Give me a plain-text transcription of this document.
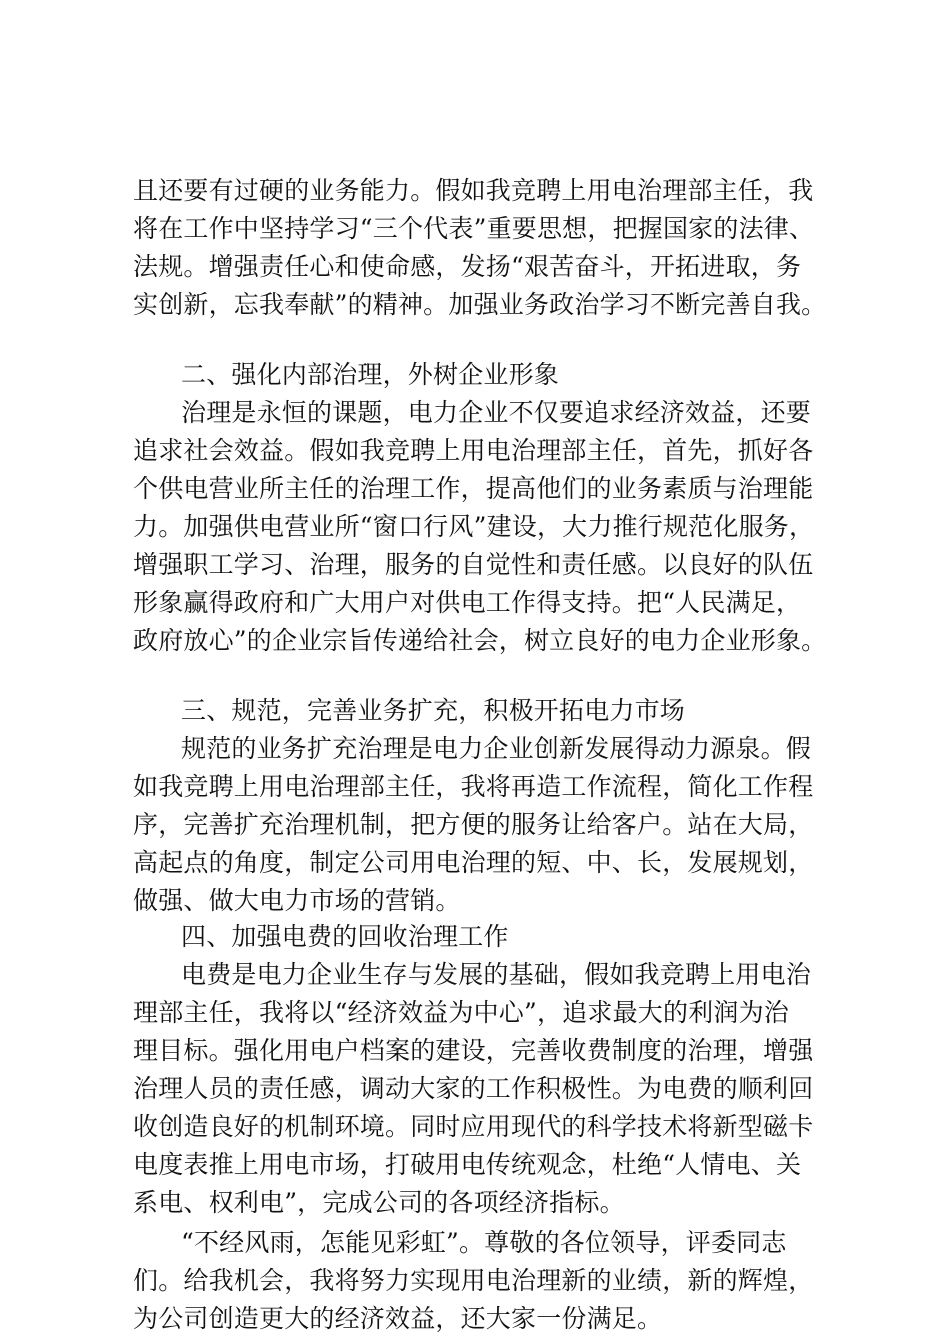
且还要有过硬的业务能力。假如我竞聘上用电治理部主任，我
将在工作中坚持学习“三个代表”重要思想，把握国家的法律、
法规。增强责任心和使命感，发扬“艰苦奋斗，开拓进取，务
实创新，忘我奉献”的精神。加强业务政治学习不断完善自我。
二、强化内部治理，外树企业形象
治理是永恒的课题，电力企业不仅要追求经济效益，还要
追求社会效益。假如我竞聘上用电治理部主任，首先，抓好各
个供电营业所主任的治理工作，提高他们的业务素质与治理能
力。加强供电营业所“窗口行风”建设，大力推行规范化服务，
增强职工学习、治理，服务的自觉性和责任感。以良好的队伍
形象赢得政府和广大用户对供电工作得支持。把“人民满足，
政府放心”的企业宗旨传递给社会，树立良好的电力企业形象。
三、规范，完善业务扩充，积极开拓电力市场
规范的业务扩充治理是电力企业创新发展得动力源泉。假
如我竞聘上用电治理部主任，我将再造工作流程，简化工作程
序，完善扩充治理机制，把方便的服务让给客户。站在大局，
高起点的角度，制定公司用电治理的短、中、长，发展规划，
做强、做大电力市场的营销。
四、加强电费的回收治理工作
电费是电力企业生存与发展的基础，假如我竞聘上用电治
理部主任，我将以“经济效益为中心”，追求最大的利润为治
理目标。强化用电户档案的建设，完善收费制度的治理，增强
治理人员的责任感，调动大家的工作积极性。为电费的顺利回
收创造良好的机制环境。同时应用现代的科学技术将新型磁卡
电度表推上用电市场，打破用电传统观念，杜绝“人情电、关
系电、权利电”，完成公司的各项经济指标。
“不经风雨，怎能见彩虹”。尊敬的各位领导，评委同志
们。给我机会，我将努力实现用电治理新的业绩，新的辉煌，
为公司创造更大的经济效益，还大家一份满足。
